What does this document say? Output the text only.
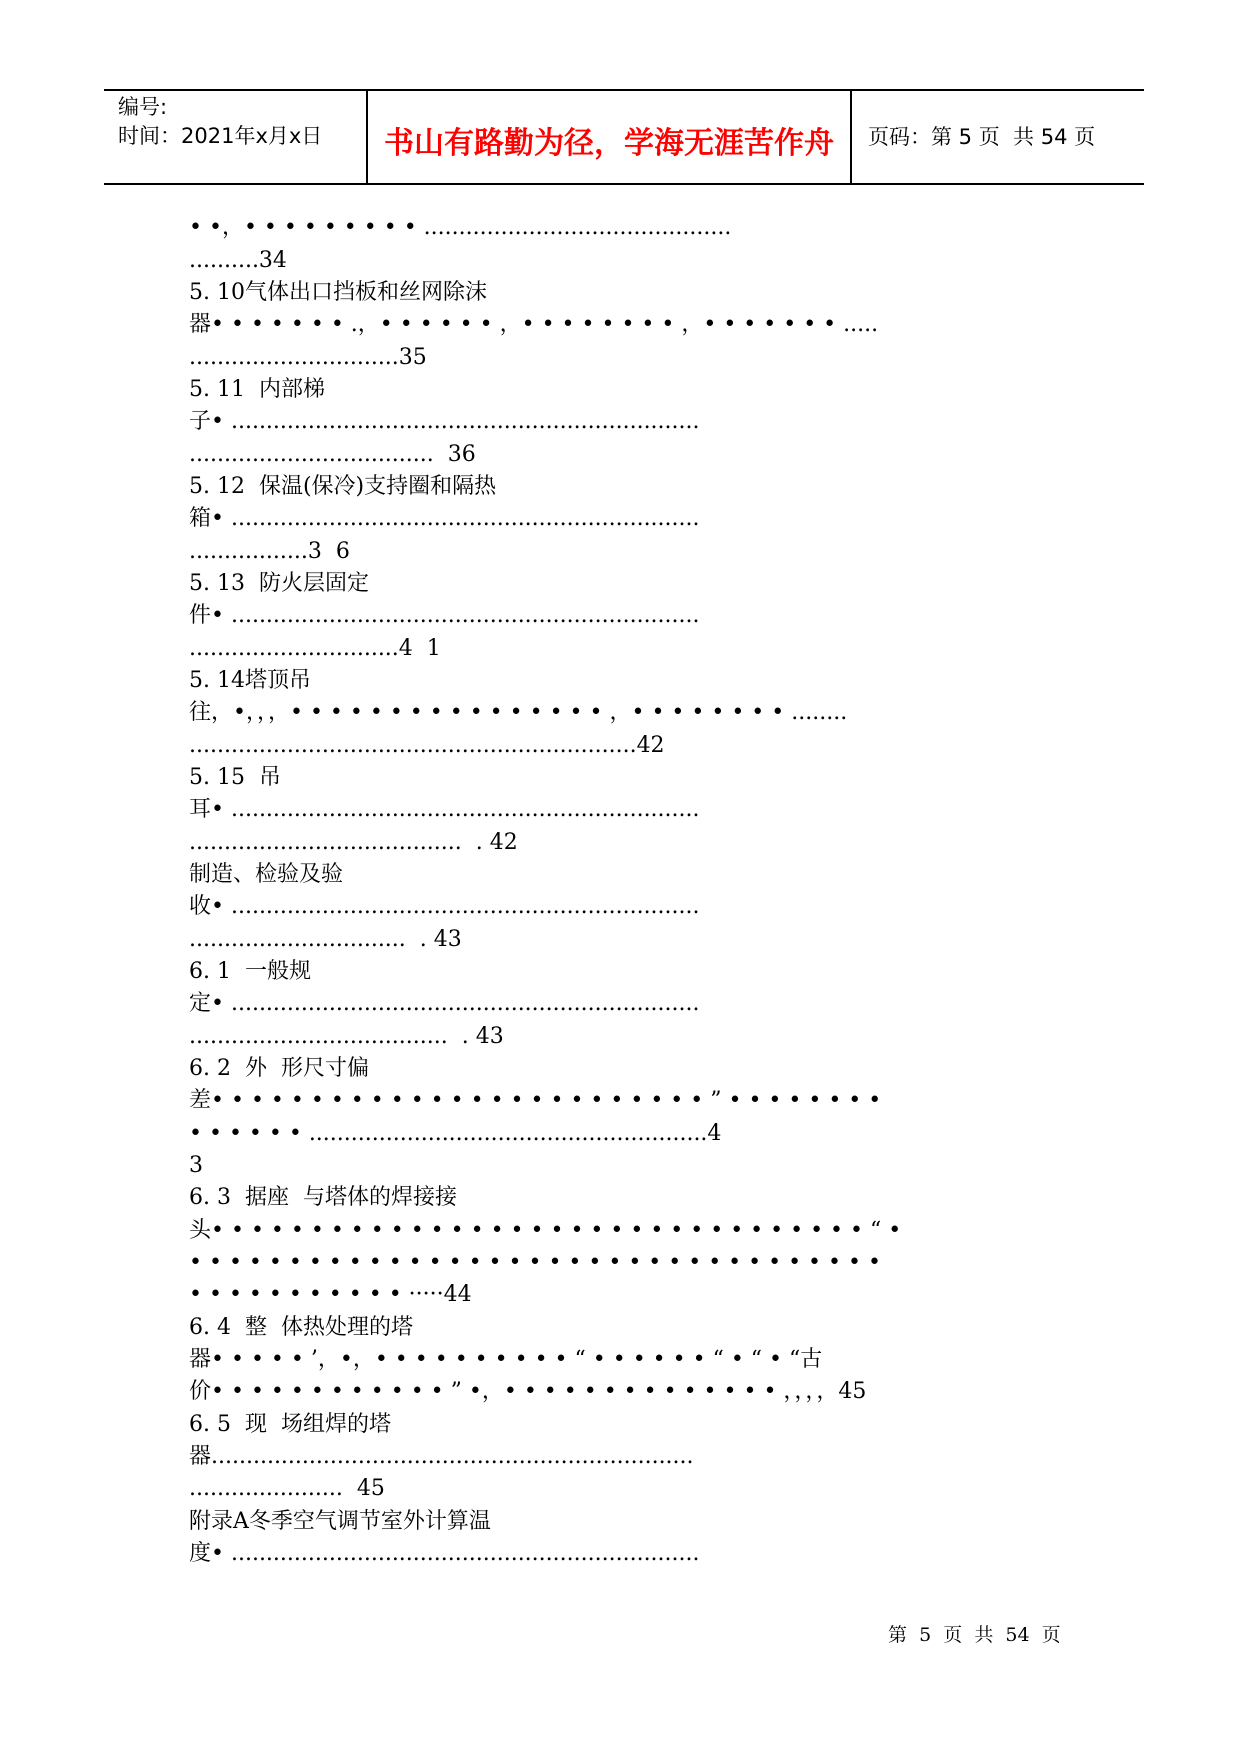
编号:
时间：2021年x月x日	书山有路勤为径，学海无涯苦作舟	页码：第 5 页  共 54 页
• •，• • • • • • • • • ............................................
..........34
5. 10气体出口挡板和丝网除沫
器• • • • • • • .，• • • • • • ，• • • • • • • • ，• • • • • • • .....
..............................35
5. 11  内部梯
子• ...................................................................
...................................  36
5. 12  保温(保冷)支持圈和隔热
箱• ...................................................................
.................3  6
5. 13  防火层固定
件• ...................................................................
..............................4  1
5. 14塔顶吊
往，•，，，• • • • • • • • • • • • • • • • ，• • • • • • • • ........
................................................................42
5. 15  吊
耳• ...................................................................
.......................................  . 42
制造、检验及验
收• ...................................................................
...............................  . 43
6. 1  一般规
定• ...................................................................
.....................................  . 43
6. 2  外  形尺寸偏
差• • • • • • • • • • • • • • • • • • • • • • • • • ” • • • • • • • •
• • • • • • .........................................................4
3
6. 3  据座  与塔体的焊接接
头• • • • • • • • • • • • • • • • • • • • • • • • • • • • • • • • • “ •
• • • • • • • • • • • • • • • • • • • • • • • • • • • • • • • • • • •
• • • • • • • • • • • ·····44
6. 4  整  体热处理的塔
器• • • • • ’，•，• • • • • • • • • • “ • • • • • • “ • “ • “古
价• • • • • • • • • • • • ” •，• • • • • • • • • • • • • • ，，，，45
6. 5  现  场组焊的塔
器.....................................................................
......................  45
附录A冬季空气调节室外计算温
度• ...................................................................
第  5  页  共  54  页
